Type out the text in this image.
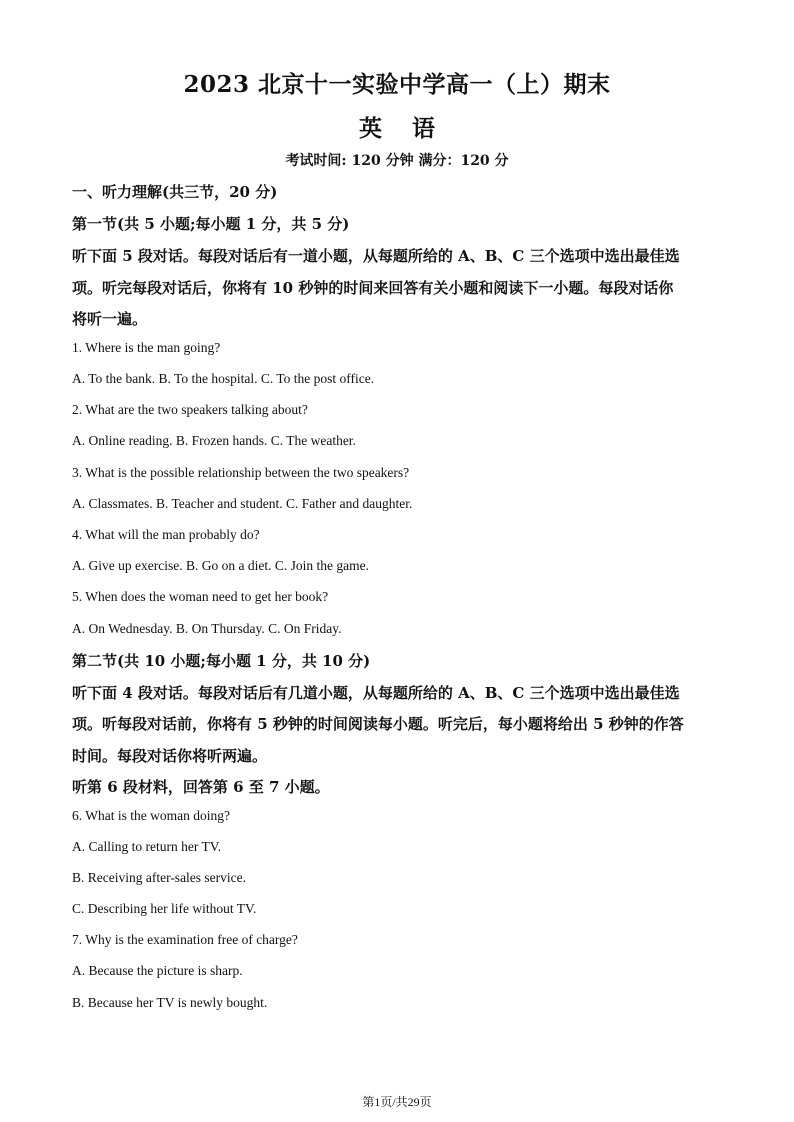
2023 北京十一实验中学高一（上）期末
英语
考试时间: 120 分钟 满分：120 分
一、听力理解(共三节，20 分)
第一节(共 5 小题;每小题 1 分，共 5 分)
听下面 5 段对话。每段对话后有一道小题，从每题所给的 A、B、C 三个选项中选出最佳选
项。听完每段对话后，你将有 10 秒钟的时间来回答有关小题和阅读下一小题。每段对话你
将听一遍。
1. Where is the man going?
A. To the bank. B. To the hospital. C. To the post office.
2. What are the two speakers talking about?
A. Online reading. B. Frozen hands. C. The weather.
3. What is the possible relationship between the two speakers?
A. Classmates. B. Teacher and student. C. Father and daughter.
4. What will the man probably do?
A. Give up exercise. B. Go on a diet. C. Join the game.
5. When does the woman need to get her book?
A. On Wednesday. B. On Thursday. C. On Friday.
第二节(共 10 小题;每小题 1 分，共 10 分)
听下面 4 段对话。每段对话后有几道小题，从每题所给的 A、B、C 三个选项中选出最佳选
项。听每段对话前，你将有 5 秒钟的时间阅读每小题。听完后，每小题将给出 5 秒钟的作答
时间。每段对话你将听两遍。
听第 6 段材料，回答第 6 至 7 小题。
6. What is the woman doing?
A. Calling to return her TV.
B. Receiving after-sales service.
C. Describing her life without TV.
7. Why is the examination free of charge?
A. Because the picture is sharp.
B. Because her TV is newly bought.
第1页/共29页
